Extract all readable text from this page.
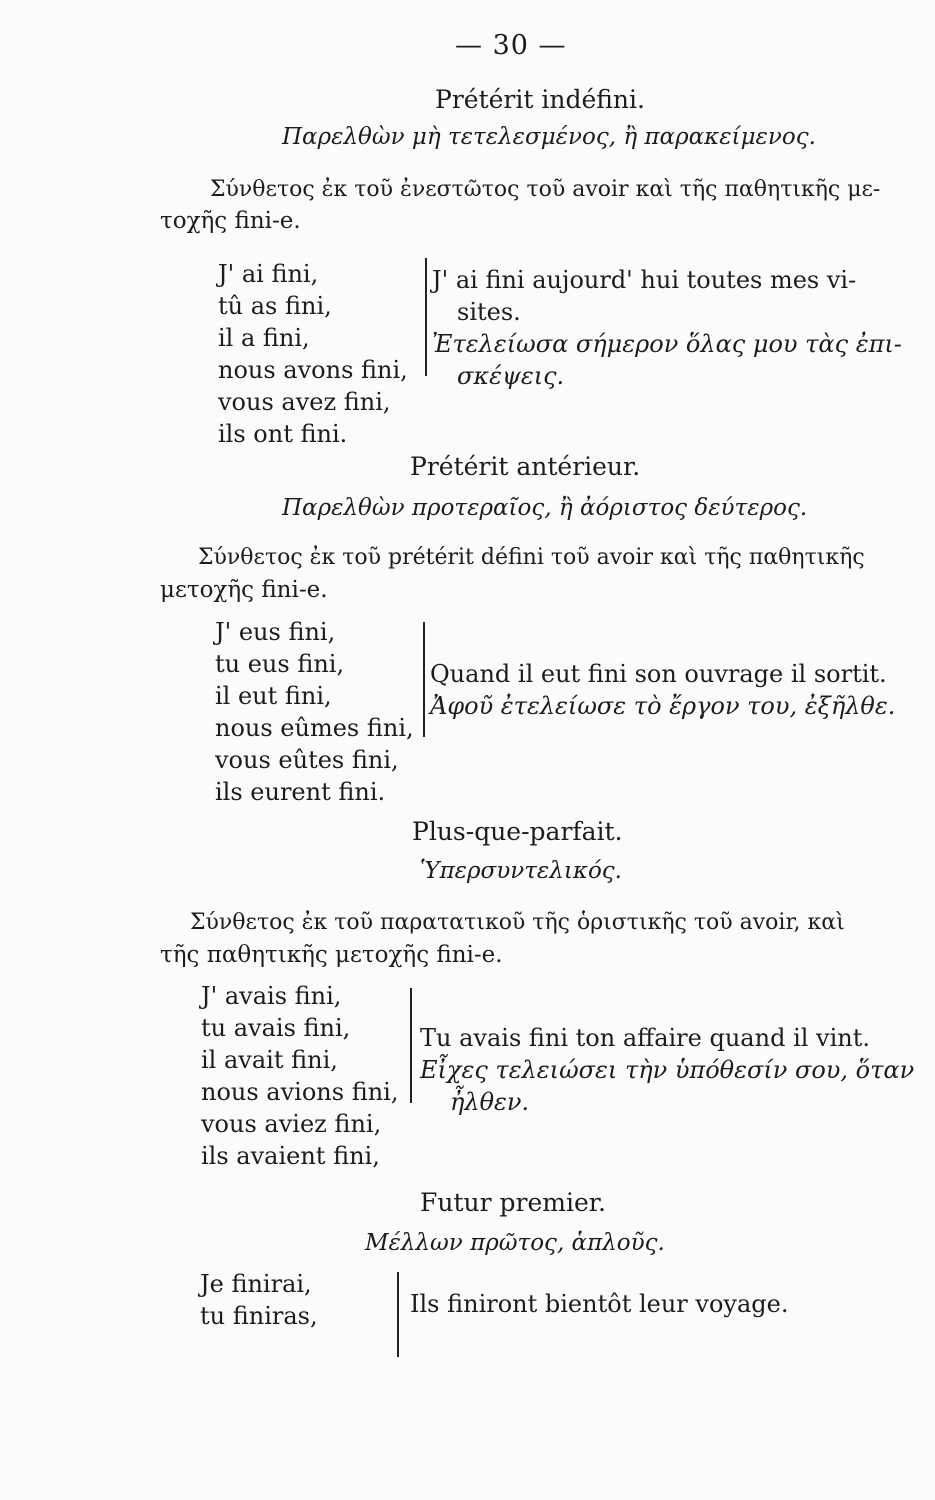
— 30 —
Prétérit indéfini.
Παρελθὼν μὴ τετελεσμένος, ἢ παρακείμενος.
Σύνθετος ἐκ τοῦ ἐνεστῶτος τοῦ avoir καὶ τῆς παθητικῆς με-
τοχῆς fini-e.
J' ai fini,
tû as fini,
il a fini,
nous avons fini,
vous avez fini,
ils ont fini.
J' ai fini aujourd' hui toutes mes vi-
sites.
Ἐτελείωσα σήμερον ὅλας μου τὰς ἐπι-
σκέψεις.
Prétérit antérieur.
Παρελθὼν προτεραῖος, ἢ ἀόριστος δεύτερος.
Σύνθετος ἐκ τοῦ prétérit défini τοῦ avoir καὶ τῆς παθητικῆς
μετοχῆς fini-e.
J' eus fini,
tu eus fini,
il eut fini,
nous eûmes fini,
vous eûtes fini,
ils eurent fini.
Quand il eut fini son ouvrage il sortit.
Ἀφοῦ ἐτελείωσε τὸ ἔργον του, ἐξῆλθε.
Plus-que-parfait.
Ὑπερσυντελικός.
Σύνθετος ἐκ τοῦ παρατατικοῦ τῆς ὁριστικῆς τοῦ avoir, καὶ
τῆς παθητικῆς μετοχῆς fini-e.
J' avais fini,
tu avais fini,
il avait fini,
nous avions fini,
vous aviez fini,
ils avaient fini,
Tu avais fini ton affaire quand il vint.
Εἶχες τελειώσει τὴν ὑπόθεσίν σου, ὅταν
ἦλθεν.
Futur premier.
Μέλλων πρῶτος, ἁπλοῦς.
Je finirai,
tu finiras,	Ils finiront bientôt leur voyage.
